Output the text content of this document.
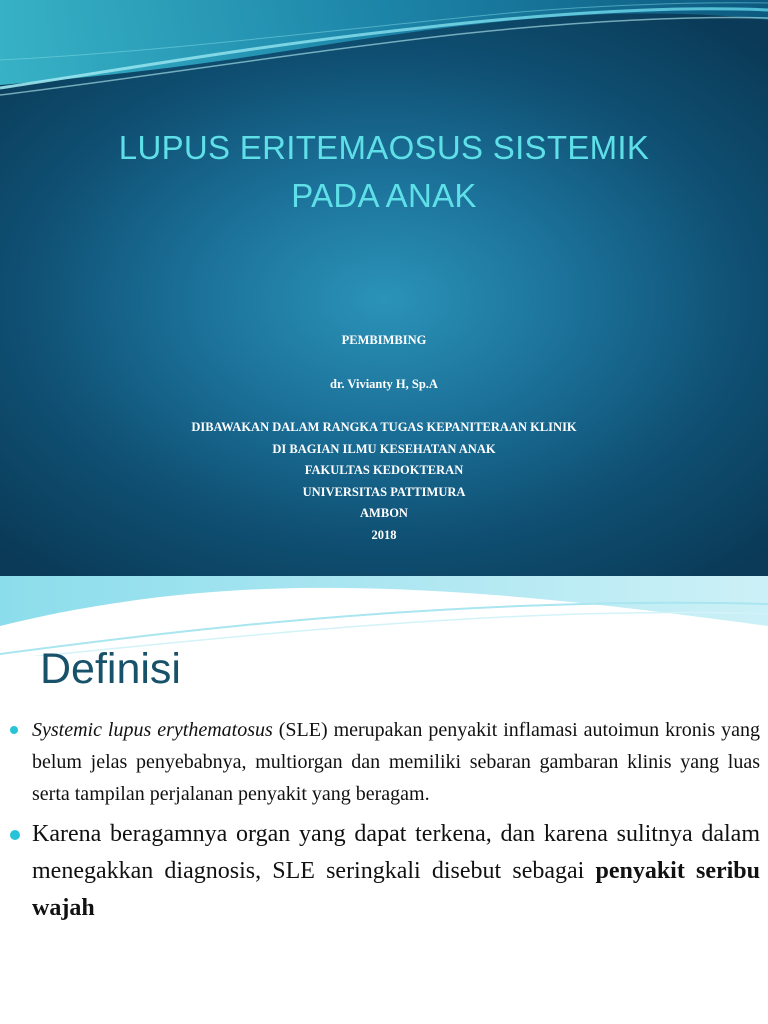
LUPUS ERITEMAOSUS SISTEMIK
PADA ANAK
PEMBIMBING
dr. Vivianty H, Sp.A
DIBAWAKAN DALAM RANGKA TUGAS KEPANITERAAN KLINIK
DI BAGIAN ILMU KESEHATAN ANAK
FAKULTAS KEDOKTERAN
UNIVERSITAS PATTIMURA
AMBON
2018
Definisi
Systemic lupus erythematosus (SLE) merupakan penyakit inflamasi autoimun kronis yang belum jelas penyebabnya, multiorgan dan memiliki sebaran gambaran klinis yang luas serta tampilan perjalanan penyakit yang beragam.
Karena beragamnya organ yang dapat terkena, dan karena sulitnya dalam menegakkan diagnosis, SLE seringkali disebut sebagai penyakit seribu wajah
